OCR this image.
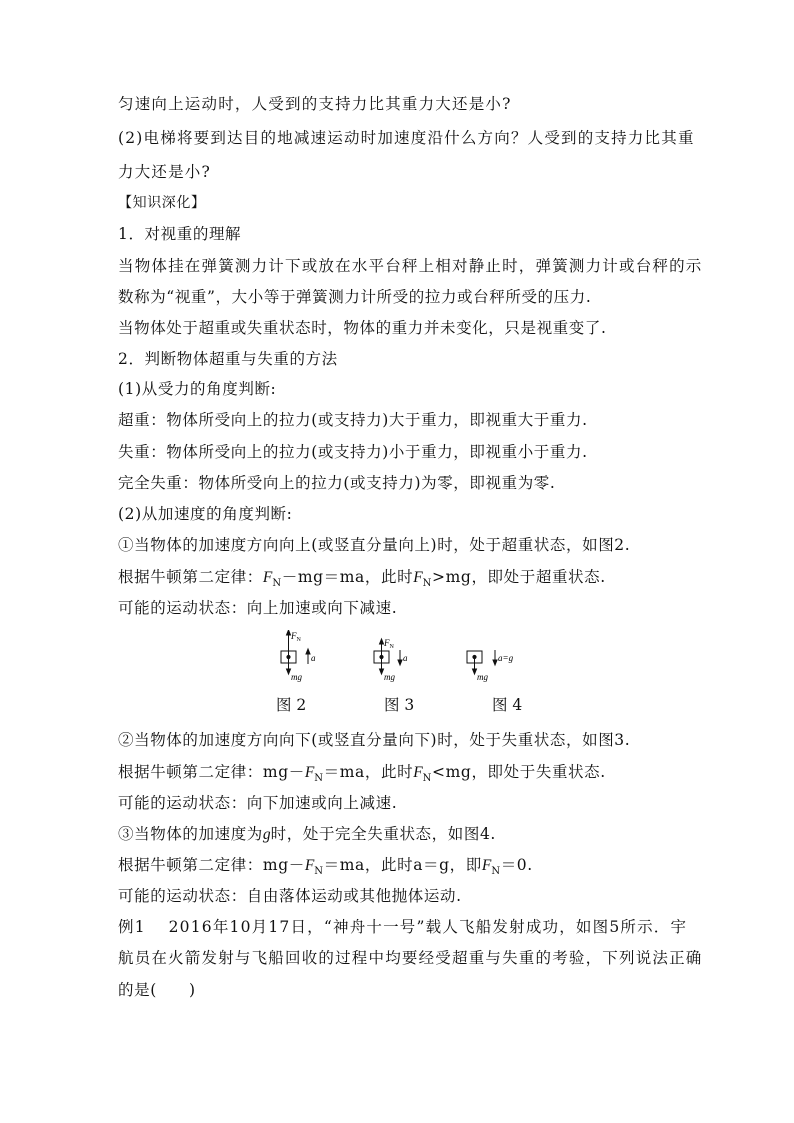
匀速向上运动时，人受到的支持力比其重力大还是小?
(2)电梯将要到达目的地减速运动时加速度沿什么方向？人受到的支持力比其重
力大还是小?
【知识深化】
1．对视重的理解
当物体挂在弹簧测力计下或放在水平台秤上相对静止时，弹簧测力计或台秤的示
数称为“视重”，大小等于弹簧测力计所受的拉力或台秤所受的压力.
当物体处于超重或失重状态时，物体的重力并未变化，只是视重变了.
2．判断物体超重与失重的方法
(1)从受力的角度判断:
超重：物体所受向上的拉力(或支持力)大于重力，即视重大于重力.
失重：物体所受向上的拉力(或支持力)小于重力，即视重小于重力.
完全失重：物体所受向上的拉力(或支持力)为零，即视重为零.
(2)从加速度的角度判断:
①当物体的加速度方向向上(或竖直分量向上)时，处于超重状态，如图2.
根据牛顿第二定律：$F_N-mg=ma$，此时$F_N>mg$，即处于超重状态.
可能的运动状态：向上加速或向下减速.
$F_N$
mg
a
$F_N$
mg
a
mg
a=g
图 2	图 3	图 4
②当物体的加速度方向向下(或竖直分量向下)时，处于失重状态，如图3.
根据牛顿第二定律：$mg-F_N=ma$，此时$F_N<mg$，即处于失重状态.
可能的运动状态：向下加速或向上减速.
③当物体的加速度为g时，处于完全失重状态，如图4.
根据牛顿第二定律：$mg-F_N=ma$，此时a＝g，即$F_N=0$.
可能的运动状态：自由落体运动或其他抛体运动.
例1　 2016年10月17日，“神舟十一号”载人飞船发射成功，如图5所示．宇
航员在火箭发射与飞船回收的过程中均要经受超重与失重的考验，下列说法正确
的是(　　)
